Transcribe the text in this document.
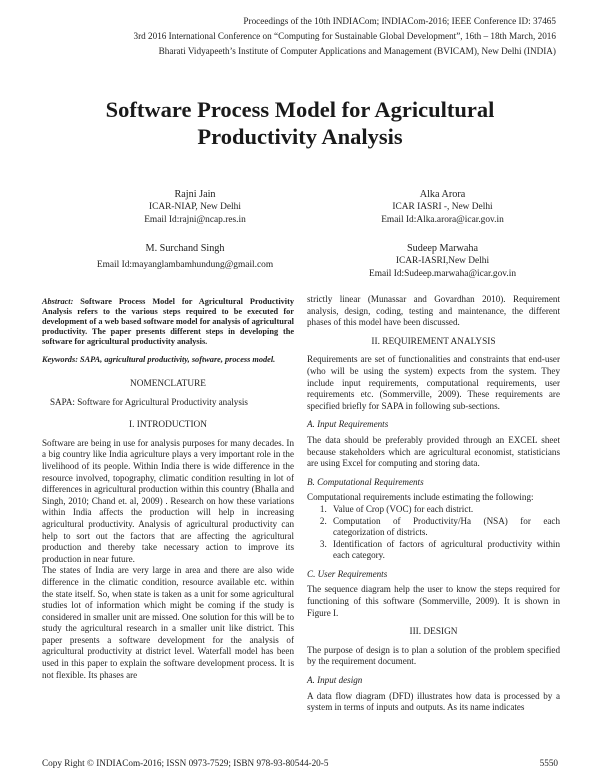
Proceedings of the 10th INDIACom; INDIACom-2016; IEEE Conference ID: 37465
3rd 2016 International Conference on “Computing for Sustainable Global Development”, 16th – 18th March, 2016
Bharati Vidyapeeth’s Institute of Computer Applications and Management (BVICAM), New Delhi (INDIA)
Software Process Model for Agricultural
Productivity Analysis
Rajni Jain
ICAR-NIAP, New Delhi
Email Id:rajni@ncap.res.in
Alka Arora
ICAR IASRI -, New Delhi
Email Id:Alka.arora@icar.gov.in
M. Surchand Singh
Email Id:mayanglambamhundung@gmail.com
Sudeep Marwaha
ICAR-IASRI,New Delhi
Email Id:Sudeep.marwaha@icar.gov.in

Abstract: Software Process Model for Agricultural Productivity Analysis refers to the various steps required to be executed for development of a web based software model for analysis of agricultural productivity. The paper presents different steps in developing the software for agricultural productivity analysis.

Keywords: SAPA, agricultural productivity, software, process model.

NOMENCLATURE

SAPA: Software for Agricultural Productivity analysis

I. INTRODUCTION

Software are being in use for analysis purposes for many decades. In a big country like India agriculture plays a very important role in the livelihood of its people. Within India there is wide difference in the resource involved, topography, climatic condition resulting in lot of differences in agricultural production within this country (Bhalla and Singh, 2010; Chand et. al, 2009) . Research on how these variations within India affects the production will help in increasing agricultural productivity. Analysis of agricultural productivity can help to sort out the factors that are affecting the agricultural production and thereby take necessary action to improve its production in near future.

The states of India are very large in area and there are also wide difference in the climatic condition, resource available etc. within the state itself. So, when state is taken as a unit for some agricultural studies lot of information which might be coming if the study is considered in smaller unit are missed. One solution for this will be to study the agricultural research in a smaller unit like district. This paper presents a software development for the analysis of agricultural productivity at district level. Waterfall model has been used in this paper to explain the software development process. It is not flexible. Its phases are

strictly linear (Munassar and Govardhan 2010). Requirement analysis, design, coding, testing and maintenance, the different phases of this model have been discussed.

II. REQUIREMENT ANALYSIS

Requirements are set of functionalities and constraints that end-user (who will be using the system) expects from the system. They include input requirements, computational requirements, user requirements etc. (Sommerville, 2009). These requirements are specified briefly for SAPA in following sub-sections.

A. Input Requirements

The data should be preferably provided through an EXCEL sheet because stakeholders which are agricultural economist, statisticians are using Excel for computing and storing data.

B. Computational Requirements

Computational requirements include estimating the following:

1. Value of Crop (VOC) for each district.
2. Computation of Productivity/Ha (NSA) for each categorization of districts.
3. Identification of factors of agricultural productivity within each category.
C. User Requirements

The sequence diagram help the user to know the steps required for functioning of this software (Sommerville, 2009). It is shown in Figure I.

III. DESIGN

The purpose of design is to plan a solution of the problem specified by the requirement document.

A. Input design

A data flow diagram (DFD) illustrates how data is processed by a system in terms of inputs and outputs. As its name indicates

Copy Right © INDIACom-2016; ISSN 0973-7529; ISBN 978-93-80544-20-5	5550
